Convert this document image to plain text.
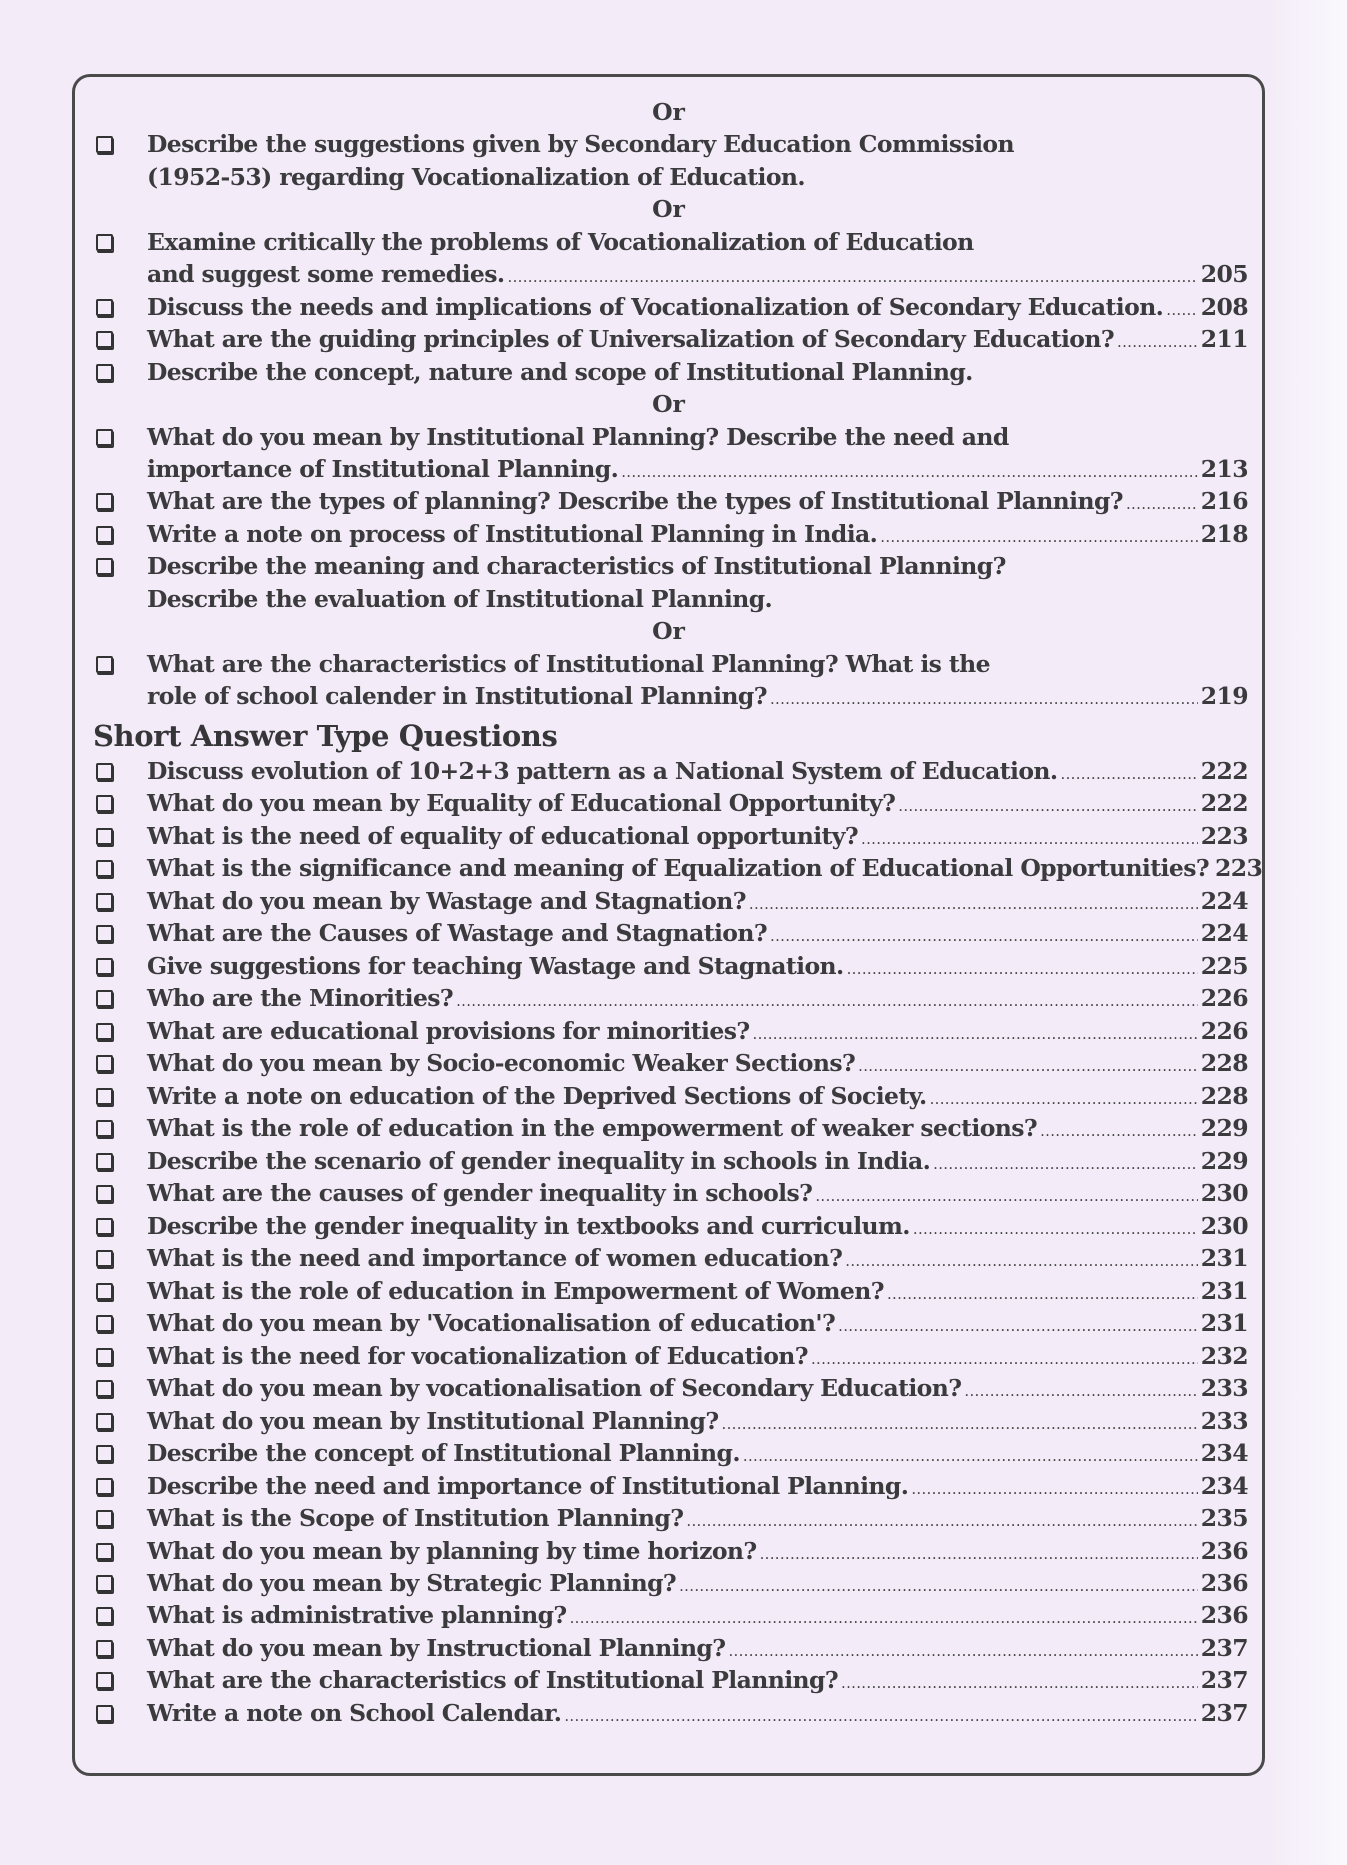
Short Answer Type Questions
Or
Describe the suggestions given by Secondary Education Commission
(1952-53) regarding Vocationalization of Education.
Or
Examine critically the problems of Vocationalization of Education
and suggest some remedies. .....	205
Discuss the needs and implications of Vocationalization of Secondary Education. ..... 208
What are the guiding principles of Universalization of Secondary Education? .....	211
Describe the concept, nature and scope of Institutional Planning.
Or
What do you mean by Institutional Planning? Describe the need and
importance of Institutional Planning. .....	213
What are the types of planning? Describe the types of Institutional Planning? .....	216
Write a note on process of Institutional Planning in India. .....	218
Describe the meaning and characteristics of Institutional Planning?
Describe the evaluation of Institutional Planning.
Or
What are the characteristics of Institutional Planning? What is the
role of school calender in Institutional Planning? .....	219
Discuss evolution of 10+2+3 pattern as a National System of Education. .....	222
What do you mean by Equality of Educational Opportunity? .....	222
What is the need of equality of educational opportunity? .....	223
What is the significance and meaning of Equalization of Educational Opportunities? 223
What do you mean by Wastage and Stagnation? .....	224
What are the Causes of Wastage and Stagnation? .....	224
Give suggestions for teaching Wastage and Stagnation. .....	225
Who are the Minorities? .....	226
What are educational provisions for minorities? .....	226
What do you mean by Socio-economic Weaker Sections? .....	228
Write a note on education of the Deprived Sections of Society. .....	228
What is the role of education in the empowerment of weaker sections? .....	229
Describe the scenario of gender inequality in schools in India. .....	229
What are the causes of gender inequality in schools? .....	230
Describe the gender inequality in textbooks and curriculum. .....	230
What is the need and importance of women education? .....	231
What is the role of education in Empowerment of Women? .....	231
What do you mean by 'Vocationalisation of education'? .....	231
What is the need for vocationalization of Education? .....	232
What do you mean by vocationalisation of Secondary Education? .....	233
What do you mean by Institutional Planning? .....	233
Describe the concept of Institutional Planning. .....	234
Describe the need and importance of Institutional Planning. .....	234
What is the Scope of Institution Planning? .....	235
What do you mean by planning by time horizon? .....	236
What do you mean by Strategic Planning? .....	236
What is administrative planning? .....	236
What do you mean by Instructional Planning? .....	237
What are the characteristics of Institutional Planning? .....	237
Write a note on School Calendar. .....	237
